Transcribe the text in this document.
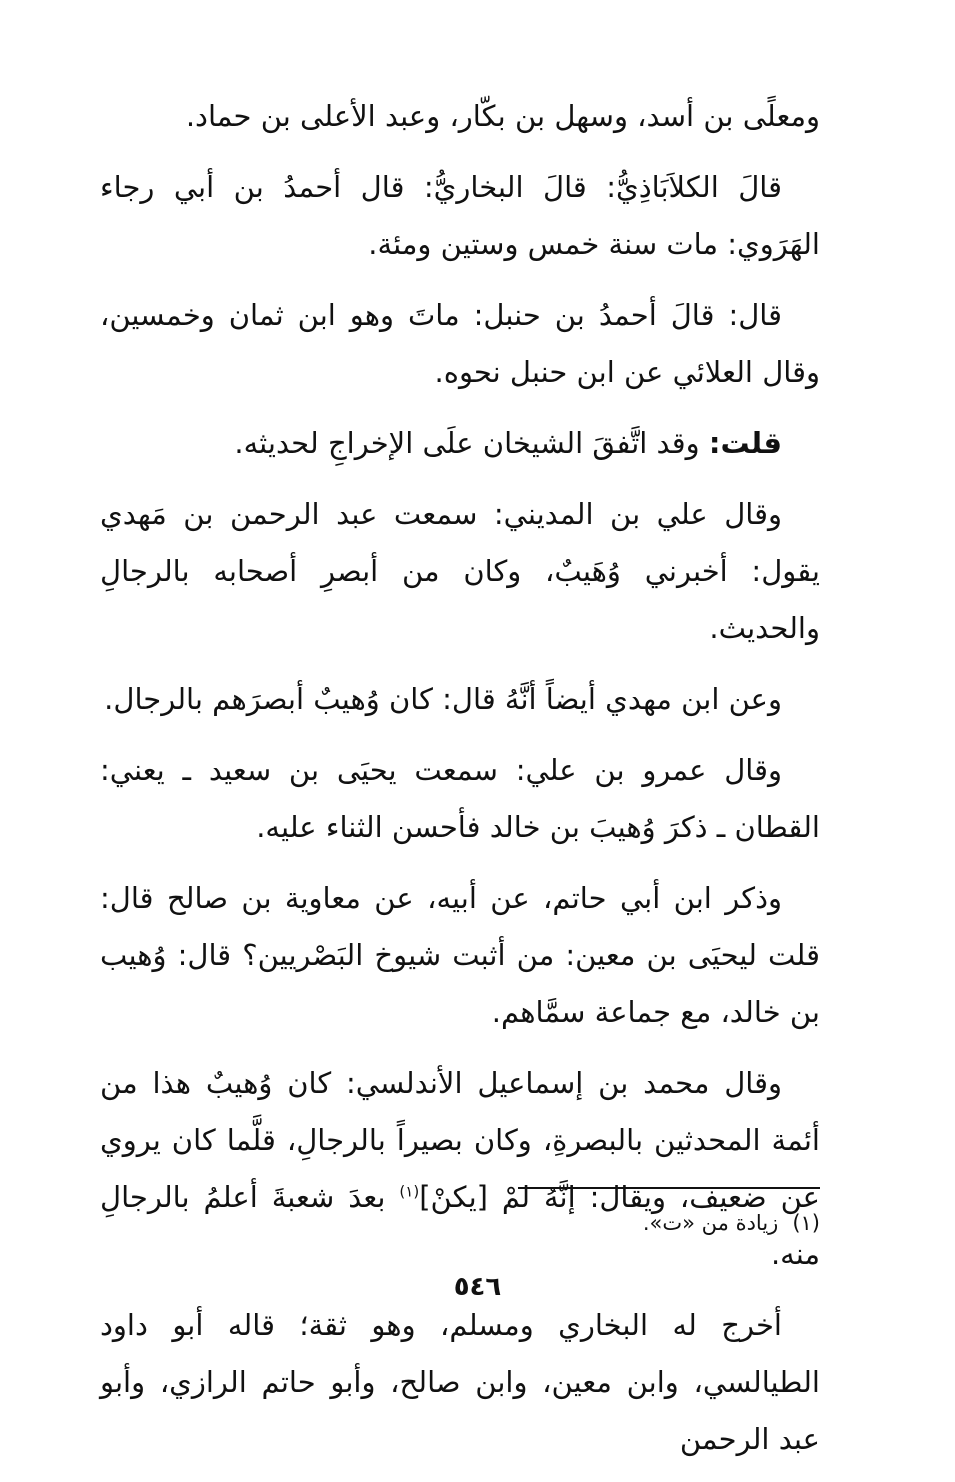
ومعلًى بن أسد، وسهل بن بكّار، وعبد الأعلى بن حماد.

قالَ الكلاَبَاذِيُّ: قالَ البخاريُّ: قال أحمدُ بن أبي رجاء الهَرَوي: مات سنة خمس وستين ومئة.

قال: قالَ أحمدُ بن حنبل: ماتَ وهو ابن ثمان وخمسين، وقال العلائي عن ابن حنبل نحوه.

قلت: وقد اتَّفقَ الشيخان علَى الإخراجِ لحديثه.

وقال علي بن المديني: سمعت عبد الرحمن بن مَهدي يقول: أخبرني وُهَيبٌ، وكان من أبصرِ أصحابه بالرجالِ والحديث.

وعن ابن مهدي أيضاً أنَّهُ قال: كان وُهيبٌ أبصرَهم بالرجال.

وقال عمرو بن علي: سمعت يحيَى بن سعيد ـ يعني: القطان ـ ذكرَ وُهيبَ بن خالد فأحسن الثناء عليه.

وذكر ابن أبي حاتم، عن أبيه، عن معاوية بن صالح قال: قلت ليحيَى بن معين: من أثبت شيوخ البَصْريين؟ قال: وُهيب بن خالد، مع جماعة سمَّاهم.

وقال محمد بن إسماعيل الأندلسي: كان وُهيبٌ هذا من أئمة المحدثين بالبصرةِ، وكان بصيراً بالرجالِ، قلَّما كان يروي عن ضعيف، ويقال: إنَّهُ لمْ [يكنْ]$^{(١)}$ بعدَ شعبةَ أعلمُ بالرجالِ منه.

أخرج له البخاري ومسلم، وهو ثقة؛ قاله أبو داود الطيالسي، وابن معين، وابن صالح، وأبو حاتم الرازي، وأبو عبد الرحمن

(١)زيادة من «ت».
٥٤٦
